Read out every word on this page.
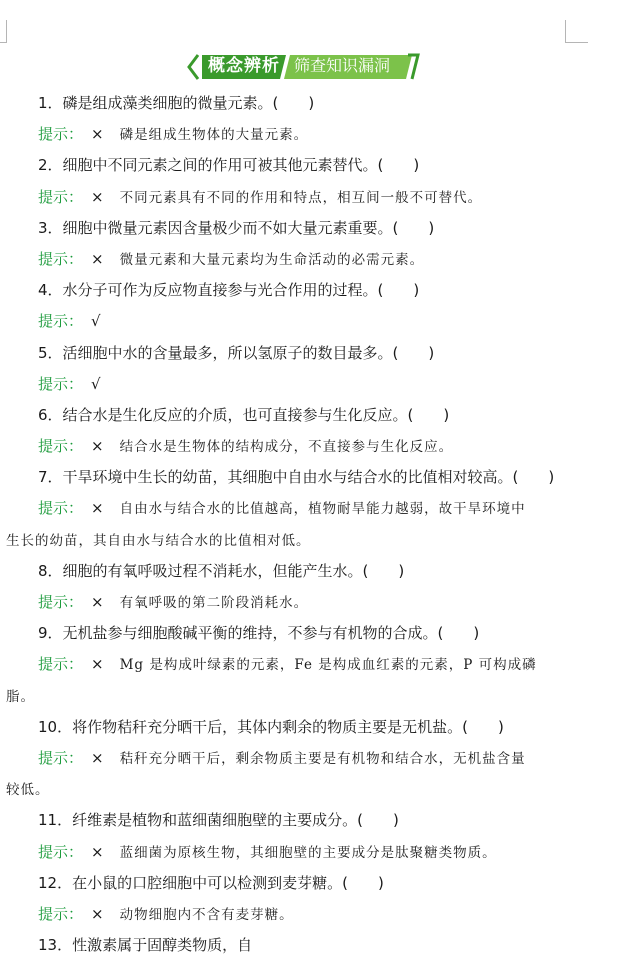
概念辨析 筛查知识漏洞
1．磷是组成藻类细胞的微量元素。(　　)
提示： × 磷是组成生物体的大量元素。
2．细胞中不同元素之间的作用可被其他元素替代。(　　)
提示： × 不同元素具有不同的作用和特点，相互间一般不可替代。
3．细胞中微量元素因含量极少而不如大量元素重要。(　　)
提示： × 微量元素和大量元素均为生命活动的必需元素。
4．水分子可作为反应物直接参与光合作用的过程。(　　)
提示： √
5．活细胞中水的含量最多，所以氢原子的数目最多。(　　)
提示： √
6．结合水是生化反应的介质，也可直接参与生化反应。(　　)
提示： × 结合水是生物体的结构成分，不直接参与生化反应。
7．干旱环境中生长的幼苗，其细胞中自由水与结合水的比值相对较高。(　　)
提示： × 自由水与结合水的比值越高，植物耐旱能力越弱，故干旱环境中
生长的幼苗，其自由水与结合水的比值相对低。
8．细胞的有氧呼吸过程不消耗水，但能产生水。(　　)
提示： × 有氧呼吸的第二阶段消耗水。
9．无机盐参与细胞酸碱平衡的维持，不参与有机物的合成。(　　)
提示： × Mg 是构成叶绿素的元素，Fe 是构成血红素的元素，P 可构成磷
脂。
10．将作物秸秆充分晒干后，其体内剩余的物质主要是无机盐。(　　)
提示： × 秸秆充分晒干后，剩余物质主要是有机物和结合水，无机盐含量
较低。
11．纤维素是植物和蓝细菌细胞壁的主要成分。(　　)
提示： × 蓝细菌为原核生物，其细胞壁的主要成分是肽聚糖类物质。
12．在小鼠的口腔细胞中可以检测到麦芽糖。(　　)
提示： × 动物细胞内不含有麦芽糖。
13．性激素属于固醇类物质，自
